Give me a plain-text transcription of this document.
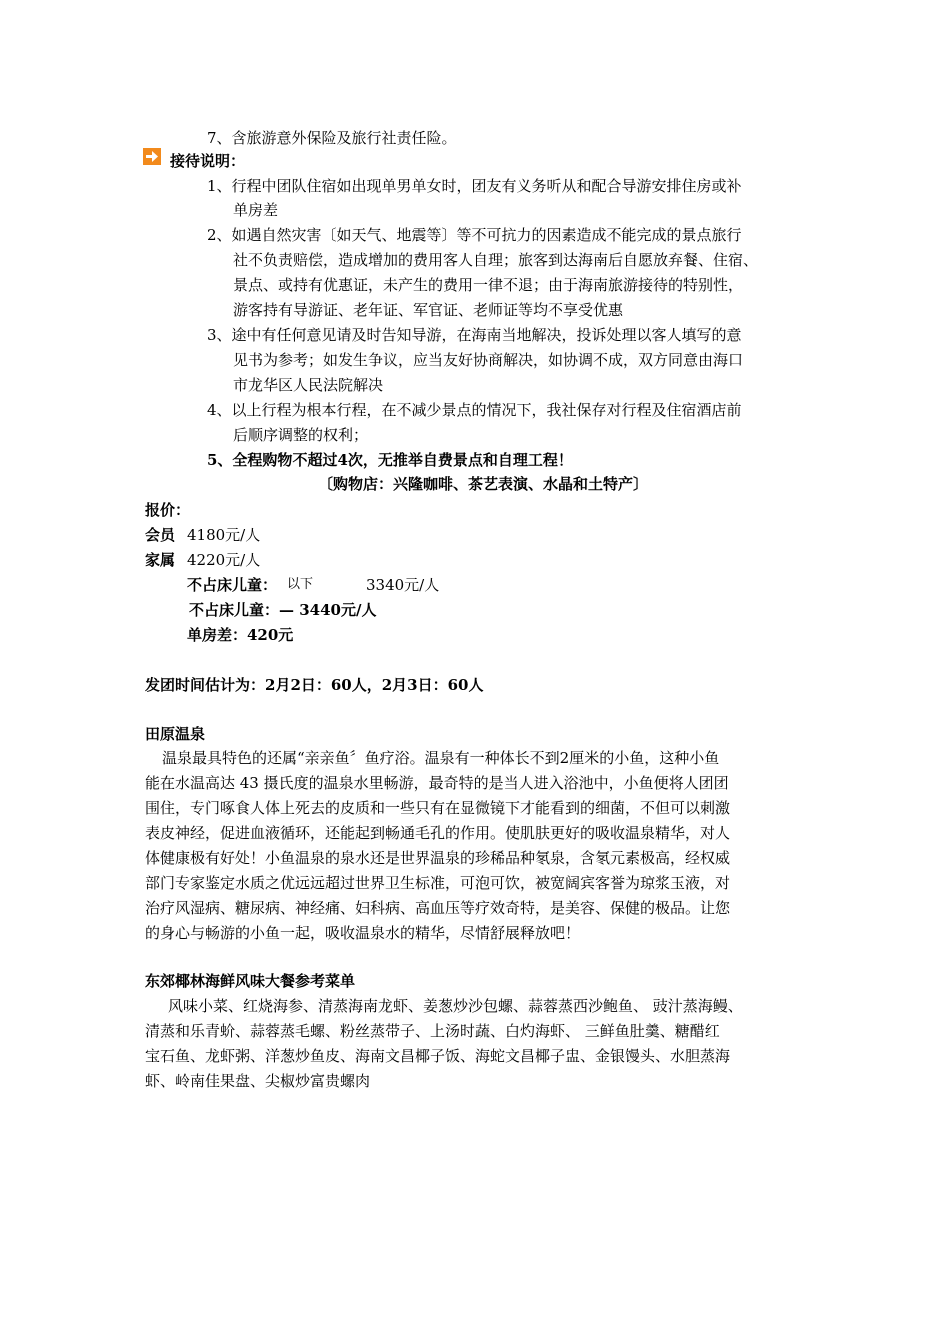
7、含旅游意外保险及旅行社责任险。
接待说明：
1、行程中团队住宿如出现单男单女时，团友有义务听从和配合导游安排住房或补
单房差
2、如遇自然灾害〔如天气、地震等〕等不可抗力的因素造成不能完成的景点旅行
社不负责赔偿，造成增加的费用客人自理；旅客到达海南后自愿放弃餐、住宿、
景点、或持有优惠证，未产生的费用一律不退；由于海南旅游接待的特别性，
游客持有导游证、老年证、军官证、老师证等均不享受优惠
3、途中有任何意见请及时告知导游，在海南当地解决，投诉处理以客人填写的意
见书为参考；如发生争议，应当友好协商解决，如协调不成，双方同意由海口
市龙华区人民法院解决
4、以上行程为根本行程，在不减少景点的情况下，我社保存对行程及住宿酒店前
后顺序调整的权利；
5、全程购物不超过4次，无推举自费景点和自理工程！
〔购物店：兴隆咖啡、茶艺表演、水晶和土特产〕
报价：
会员 4180元/人
家属 4220元/人
不占床儿童： 以下	3340元/人
不占床儿童：— 3440元/人
单房差：420元
发团时间估计为：2月2日：60人，2月3日：60人
田原温泉
温泉最具特色的还属“亲亲鱼〞鱼疗浴。温泉有一种体长不到2厘米的小鱼，这种小鱼
能在水温高达 43 摄氏度的温泉水里畅游，最奇特的是当人进入浴池中，小鱼便将人团团
围住，专门啄食人体上死去的皮质和一些只有在显微镜下才能看到的细菌，不但可以刺激
表皮神经，促进血液循环，还能起到畅通毛孔的作用。使肌肤更好的吸收温泉精华，对人
体健康极有好处！小鱼温泉的泉水还是世界温泉的珍稀品种氡泉，含氡元素极高，经权威
部门专家鉴定水质之优远远超过世界卫生标准，可泡可饮，被宽阔宾客誉为琼浆玉液，对
治疗风湿病、糖尿病、神经痛、妇科病、高血压等疗效奇特，是美容、保健的极品。让您
的身心与畅游的小鱼一起，吸收温泉水的精华，尽情舒展释放吧！
东郊椰林海鲜风味大餐参考菜单
风味小菜、红烧海参、清蒸海南龙虾、姜葱炒沙包螺、蒜蓉蒸西沙鲍鱼、 豉汁蒸海鳗、
清蒸和乐青蚧、蒜蓉蒸毛螺、粉丝蒸带子、上汤时蔬、白灼海虾、 三鲜鱼肚羹、糖醋红
宝石鱼、龙虾粥、洋葱炒鱼皮、海南文昌椰子饭、海蛇文昌椰子盅、金银馒头、水胆蒸海
虾、岭南佳果盘、尖椒炒富贵螺肉
